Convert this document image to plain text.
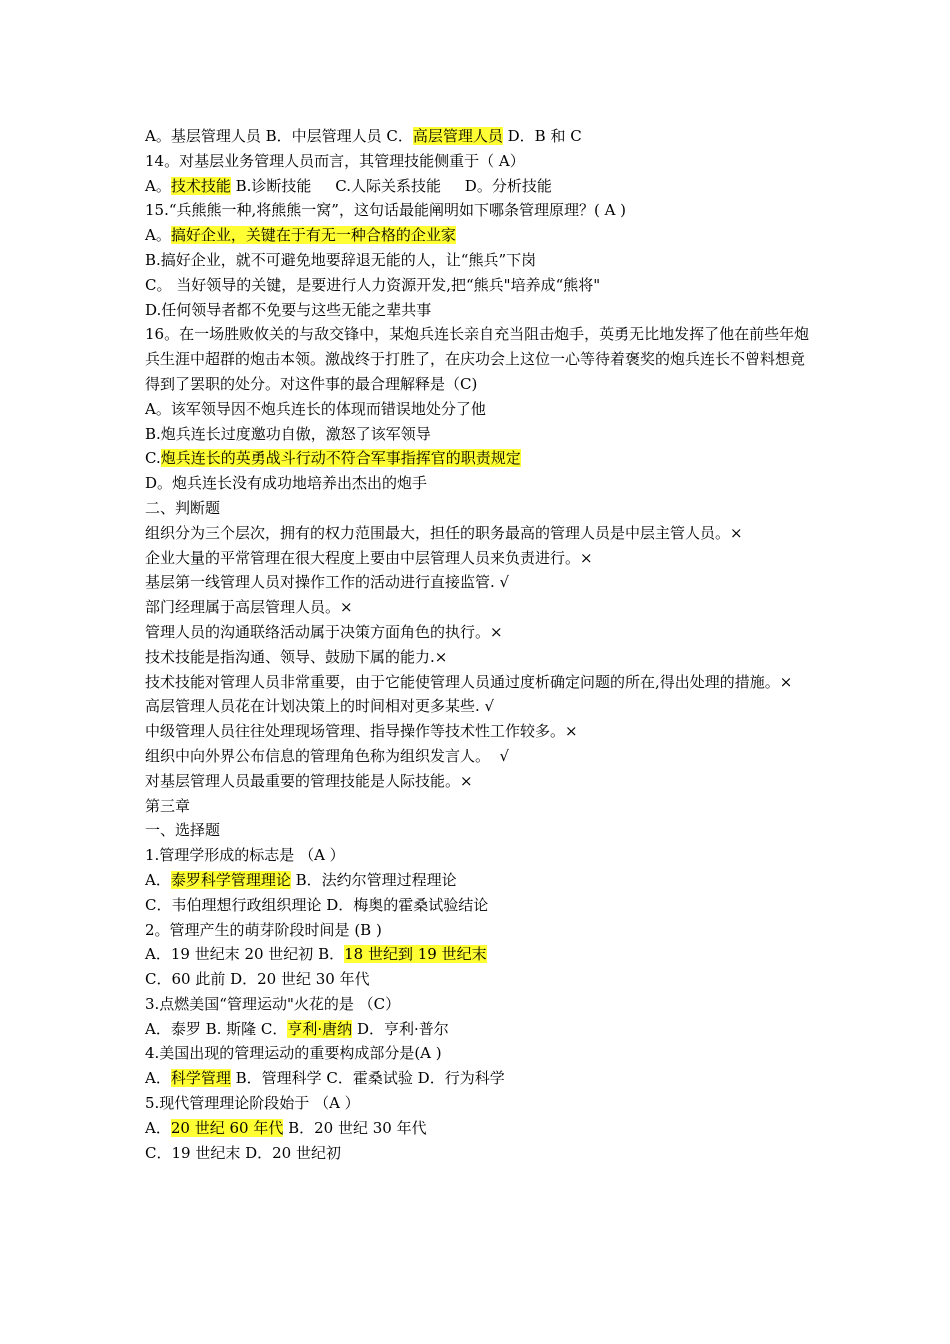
A。基层管理人员 B．中层管理人员 C．高层管理人员 D．B 和 C
14。对基层业务管理人员而言，其管理技能侧重于（ A）
A。技术技能 B.诊断技能     C.人际关系技能     D。分析技能
15.“兵熊熊一种,将熊熊一窝”，这句话最能阐明如下哪条管理原理？( A )
A。搞好企业，关键在于有无一种合格的企业家
B.搞好企业，就不可避免地要辞退无能的人，让“熊兵”下岗
C。 当好领导的关键，是要进行人力资源开发,把“熊兵"培养成“熊将"
D.任何领导者都不免要与这些无能之辈共事
16。在一场胜败攸关的与敌交锋中，某炮兵连长亲自充当阻击炮手，英勇无比地发挥了他在前些年炮兵生涯中超群的炮击本领。激战终于打胜了，在庆功会上这位一心等待着褒奖的炮兵连长不曾料想竟得到了罢职的处分。对这件事的最合理解释是（C)
A。该军领导因不炮兵连长的体现而错误地处分了他
B.炮兵连长过度邀功自傲，激怒了该军领导
C.炮兵连长的英勇战斗行动不符合军事指挥官的职责规定
D。炮兵连长没有成功地培养出杰出的炮手
二、判断题
组织分为三个层次，拥有的权力范围最大，担任的职务最高的管理人员是中层主管人员。×
企业大量的平常管理在很大程度上要由中层管理人员来负责进行。×
基层第一线管理人员对操作工作的活动进行直接监管. √
部门经理属于高层管理人员。×
管理人员的沟通联络活动属于决策方面角色的执行。×
技术技能是指沟通、领导、鼓励下属的能力.×
技术技能对管理人员非常重要，由于它能使管理人员通过度析确定问题的所在,得出处理的措施。×
高层管理人员花在计划决策上的时间相对更多某些. √
中级管理人员往往处理现场管理、指导操作等技术性工作较多。×
组织中向外界公布信息的管理角色称为组织发言人。  √
对基层管理人员最重要的管理技能是人际技能。×
第三章
一、选择题
1.管理学形成的标志是 （A ）
A．泰罗科学管理理论 B．法约尔管理过程理论
C．韦伯理想行政组织理论 D．梅奥的霍桑试验结论
2。管理产生的萌芽阶段时间是 (B )
A．19 世纪末 20 世纪初 B．18 世纪到 19 世纪末
C．60 此前 D．20 世纪 30 年代
3.点燃美国“管理运动"火花的是 （C）
A．泰罗 B. 斯隆 C．亨利·唐纳 D．亨利·普尔
4.美国出现的管理运动的重要构成部分是(A )
A．科学管理 B．管理科学 C．霍桑试验 D．行为科学
5.现代管理理论阶段始于 （A ）
A．20 世纪 60 年代 B．20 世纪 30 年代
C．19 世纪末 D．20 世纪初
